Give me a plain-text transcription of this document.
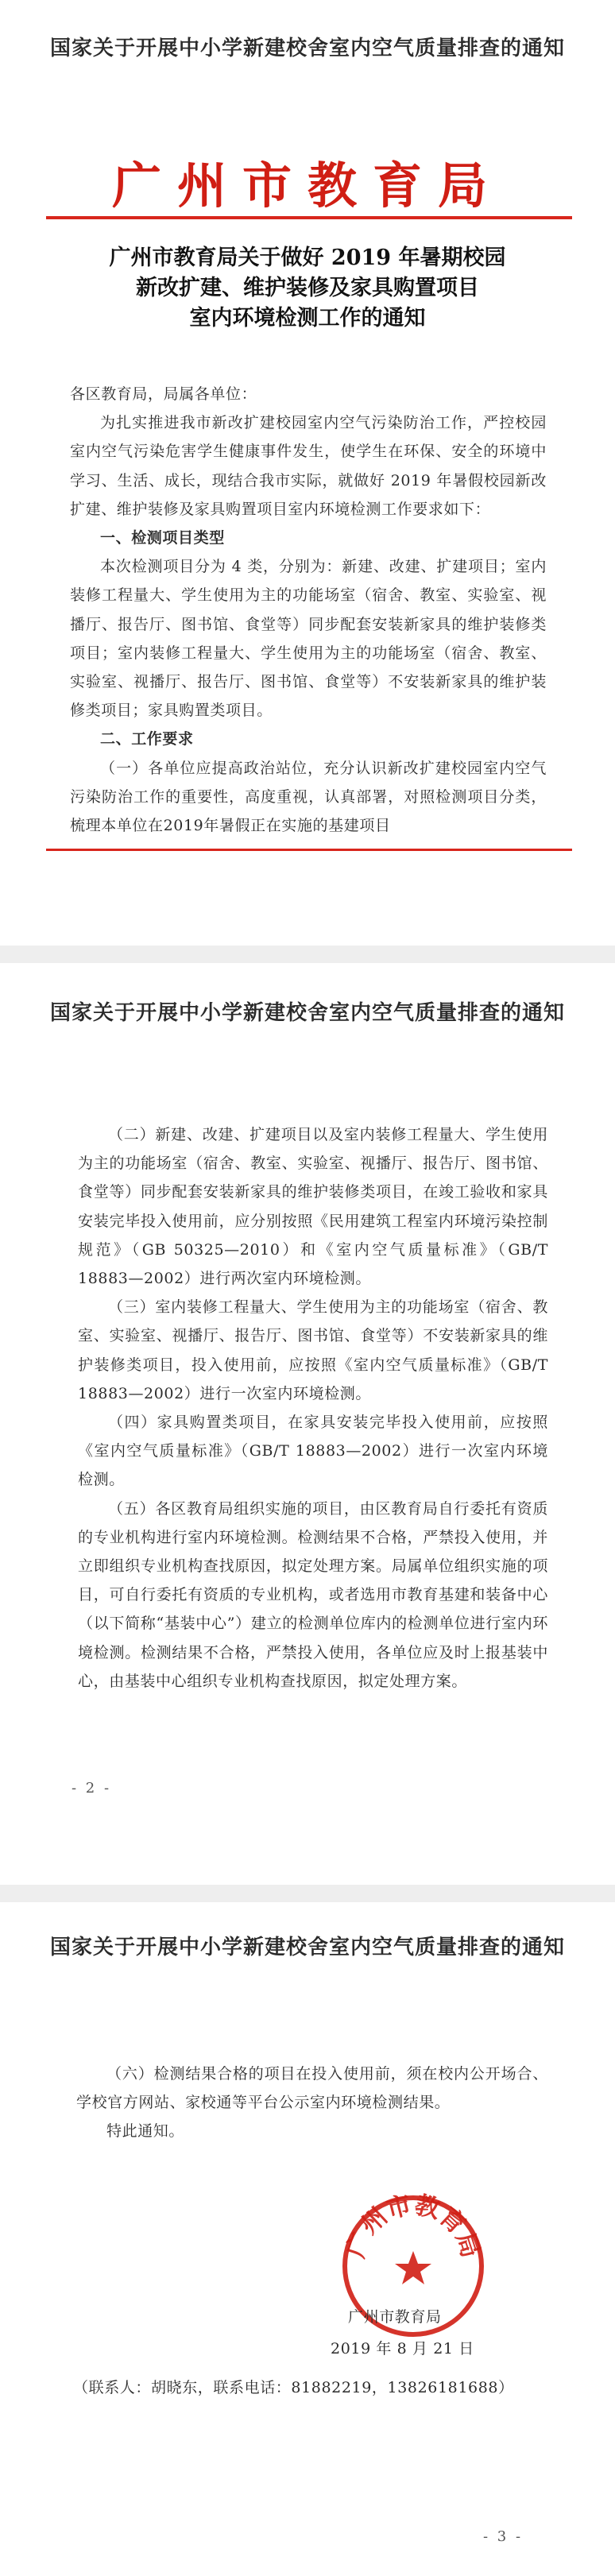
国家关于开展中小学新建校舍室内空气质量排查的通知
广州市教育局
广州市教育局关于做好 2019 年暑期校园
新改扩建、维护装修及家具购置项目
室内环境检测工作的通知

各区教育局，局属各单位：

为扎实推进我市新改扩建校园室内空气污染防治工作，严控校园室内空气污染危害学生健康事件发生，使学生在环保、安全的环境中学习、生活、成长，现结合我市实际，就做好 2019 年暑假校园新改扩建、维护装修及家具购置项目室内环境检测工作要求如下：

一、检测项目类型

本次检测项目分为 4 类，分别为：新建、改建、扩建项目；室内装修工程量大、学生使用为主的功能场室（宿舍、教室、实验室、视播厅、报告厅、图书馆、食堂等）同步配套安装新家具的维护装修类项目；室内装修工程量大、学生使用为主的功能场室（宿舍、教室、实验室、视播厅、报告厅、图书馆、食堂等）不安装新家具的维护装修类项目；家具购置类项目。

二、工作要求

（一）各单位应提高政治站位，充分认识新改扩建校园室内空气污染防治工作的重要性，高度重视，认真部署，对照检测项目分类，梳理本单位在2019年暑假正在实施的基建项目

国家关于开展中小学新建校舍室内空气质量排查的通知

（二）新建、改建、扩建项目以及室内装修工程量大、学生使用为主的功能场室（宿舍、教室、实验室、视播厅、报告厅、图书馆、食堂等）同步配套安装新家具的维护装修类项目，在竣工验收和家具安装完毕投入使用前，应分别按照《民用建筑工程室内环境污染控制规范》（GB 50325—2010）和《室内空气质量标准》（GB/T 18883—2002）进行两次室内环境检测。

（三）室内装修工程量大、学生使用为主的功能场室（宿舍、教室、实验室、视播厅、报告厅、图书馆、食堂等）不安装新家具的维护装修类项目，投入使用前，应按照《室内空气质量标准》（GB/T 18883—2002）进行一次室内环境检测。

（四）家具购置类项目，在家具安装完毕投入使用前，应按照《室内空气质量标准》（GB/T 18883—2002）进行一次室内环境检测。

（五）各区教育局组织实施的项目，由区教育局自行委托有资质的专业机构进行室内环境检测。检测结果不合格，严禁投入使用，并立即组织专业机构查找原因，拟定处理方案。局属单位组织实施的项目，可自行委托有资质的专业机构，或者选用市教育基建和装备中心（以下简称“基装中心”）建立的检测单位库内的检测单位进行室内环境检测。检测结果不合格，严禁投入使用，各单位应及时上报基装中心，由基装中心组织专业机构查找原因，拟定处理方案。

- 2 -
国家关于开展中小学新建校舍室内空气质量排查的通知

（六）检测结果合格的项目在投入使用前，须在校内公开场合、学校官方网站、家校通等平台公示室内环境检测结果。

特此通知。

广州市教育局
广州市教育局
2019 年 8 月 21 日
（联系人：胡晓东，联系电话：81882219，13826181688）
- 3 -
